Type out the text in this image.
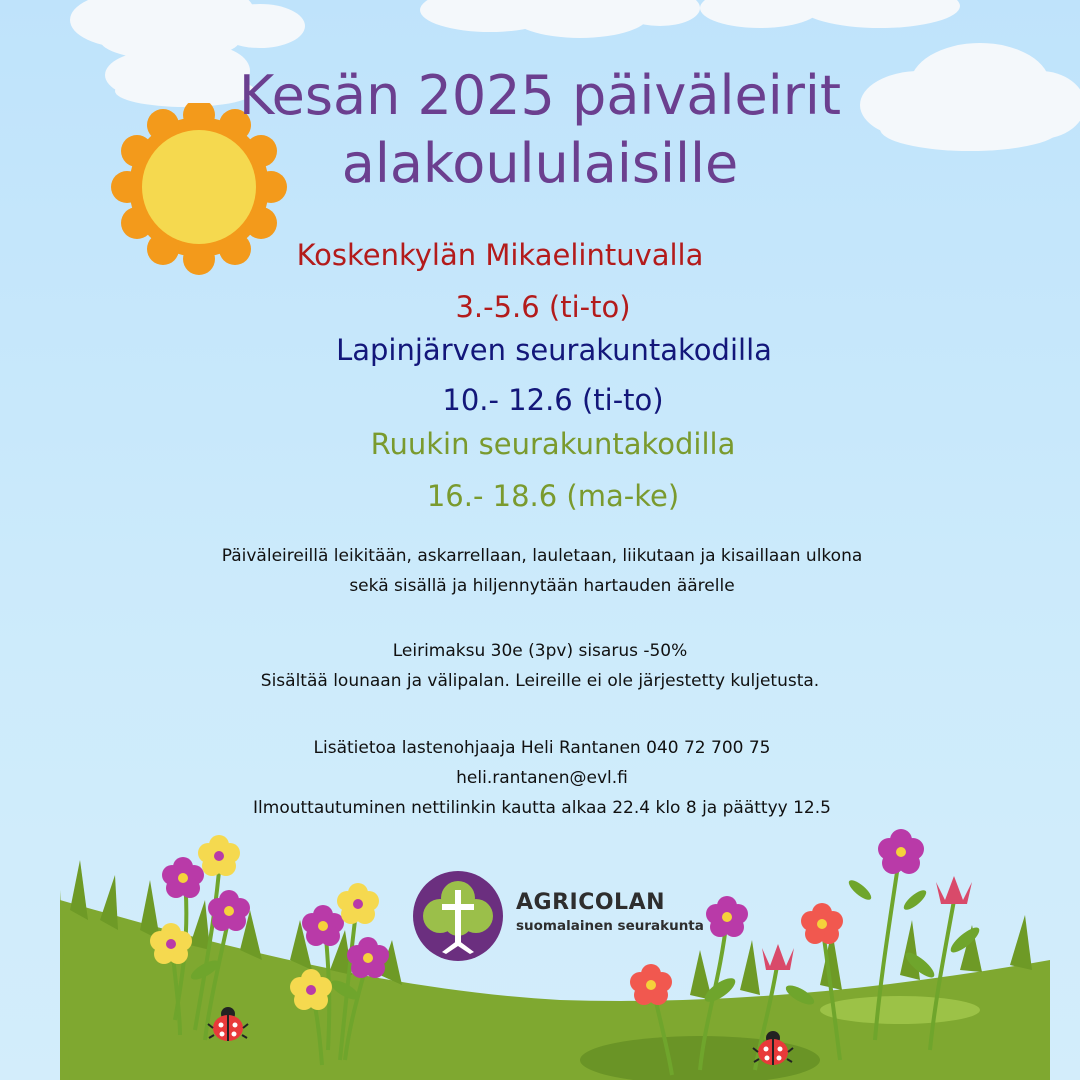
Kesän 2025 päiväleirit
alakoululaisille
Koskenkylän Mikaelintuvalla
3.-5.6 (ti-to)
Lapinjärven seurakuntakodilla
10.- 12.6 (ti-to)
Ruukin seurakuntakodilla
16.- 18.6 (ma-ke)
Päiväleireillä leikitään, askarrellaan, lauletaan, liikutaan ja kisaillaan ulkona
sekä sisällä ja hiljennytään hartauden äärelle
Leirimaksu 30e (3pv) sisarus -50%
Sisältää lounaan ja välipalan. Leireille ei ole järjestetty kuljetusta.
Lisätietoa lastenohjaaja Heli Rantanen 040 72 700 75
heli.rantanen@evl.fi
Ilmouttautuminen nettilinkin kautta alkaa 22.4 klo 8 ja päättyy 12.5
AGRICOLAN
suomalainen seurakunta
